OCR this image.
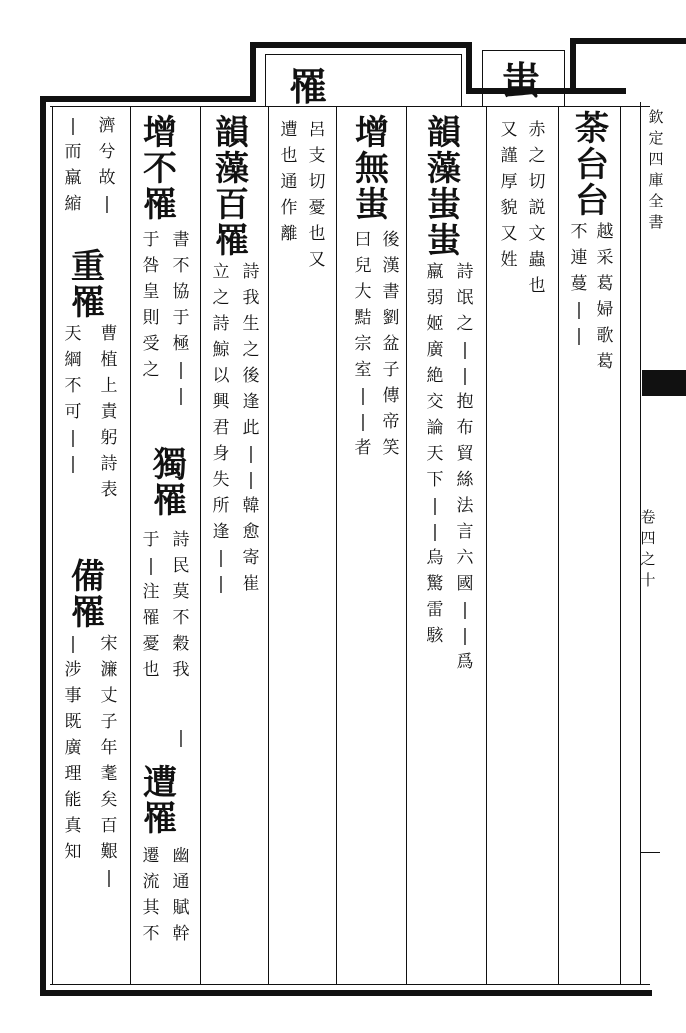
欽
定
四
庫
全
書
卷
四
之
十
罹	蚩
荼
台
台
越
采
葛
婦
歌
葛
不
連
蔓
|
|
赤
之
切
説
文
蟲
也
又
謹
厚
貌
又
姓
韻
藻
蚩
蚩
詩
氓
之
|
|
抱
布
貿
絲
法
言
六
國
|
|
爲
羸
弱
姬
廣
絶
交
論
天
下
|
|
烏
驚
雷
駭
增
無
蚩
後
漢
書
劉
盆
子
傳
帝
笑
曰
兒
大
黠
宗
室
|
|
者
呂
支
切
憂
也
又
遭
也
通
作
離
韻
藻
百
罹
詩
我
生
之
後
逢
此
|
|
韓
愈
寄
崔
立
之
詩
鯨
以
興
君
身
失
所
逢
|
|
增
不
罹
書
不
協
于
極
|
|
于
咎
皇
則
受
之
獨
罹
詩
民
莫
不
穀
我
于
|
注
罹
憂
也
|
遭
罹
幽
通
賦
幹
遷
流
其
不
濟
兮
故
|
|
而
羸
縮
重
罹
曹
植
上
責
躬
詩
表
天
綱
不
可
|
|
備
罹
宋
濂
丈
子
年
耄
矣
百
艱
|
|
涉
事
既
廣
理
能
真
知
